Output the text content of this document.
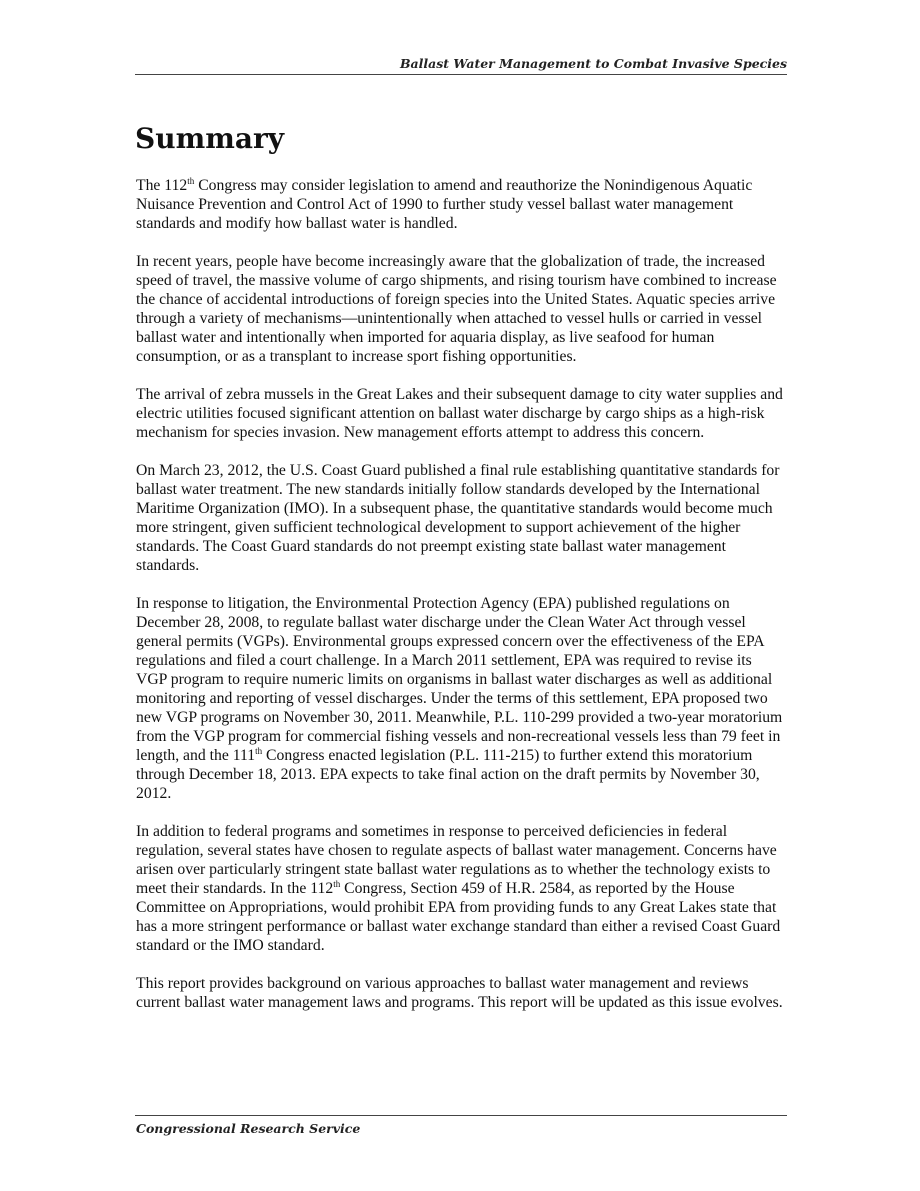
Ballast Water Management to Combat Invasive Species
Summary

The 112th Congress may consider legislation to amend and reauthorize the Nonindigenous Aquatic Nuisance Prevention and Control Act of 1990 to further study vessel ballast water management standards and modify how ballast water is handled.

In recent years, people have become increasingly aware that the globalization of trade, the increased speed of travel, the massive volume of cargo shipments, and rising tourism have combined to increase the chance of accidental introductions of foreign species into the United States. Aquatic species arrive through a variety of mechanisms—unintentionally when attached to vessel hulls or carried in vessel ballast water and intentionally when imported for aquaria display, as live seafood for human consumption, or as a transplant to increase sport fishing opportunities.

The arrival of zebra mussels in the Great Lakes and their subsequent damage to city water supplies and electric utilities focused significant attention on ballast water discharge by cargo ships as a high-risk mechanism for species invasion. New management efforts attempt to address this concern.

On March 23, 2012, the U.S. Coast Guard published a final rule establishing quantitative standards for ballast water treatment. The new standards initially follow standards developed by the International Maritime Organization (IMO). In a subsequent phase, the quantitative standards would become much more stringent, given sufficient technological development to support achievement of the higher standards. The Coast Guard standards do not preempt existing state ballast water management standards.

In response to litigation, the Environmental Protection Agency (EPA) published regulations on December 28, 2008, to regulate ballast water discharge under the Clean Water Act through vessel general permits (VGPs). Environmental groups expressed concern over the effectiveness of the EPA regulations and filed a court challenge. In a March 2011 settlement, EPA was required to revise its VGP program to require numeric limits on organisms in ballast water discharges as well as additional monitoring and reporting of vessel discharges. Under the terms of this settlement, EPA proposed two new VGP programs on November 30, 2011. Meanwhile, P.L. 110-299 provided a two-year moratorium from the VGP program for commercial fishing vessels and non-recreational vessels less than 79 feet in length, and the 111th Congress enacted legislation (P.L. 111-215) to further extend this moratorium through December 18, 2013. EPA expects to take final action on the draft permits by November 30, 2012.

In addition to federal programs and sometimes in response to perceived deficiencies in federal regulation, several states have chosen to regulate aspects of ballast water management. Concerns have arisen over particularly stringent state ballast water regulations as to whether the technology exists to meet their standards. In the 112th Congress, Section 459 of H.R. 2584, as reported by the House Committee on Appropriations, would prohibit EPA from providing funds to any Great Lakes state that has a more stringent performance or ballast water exchange standard than either a revised Coast Guard standard or the IMO standard.

This report provides background on various approaches to ballast water management and reviews current ballast water management laws and programs. This report will be updated as this issue evolves.

Congressional Research Service
